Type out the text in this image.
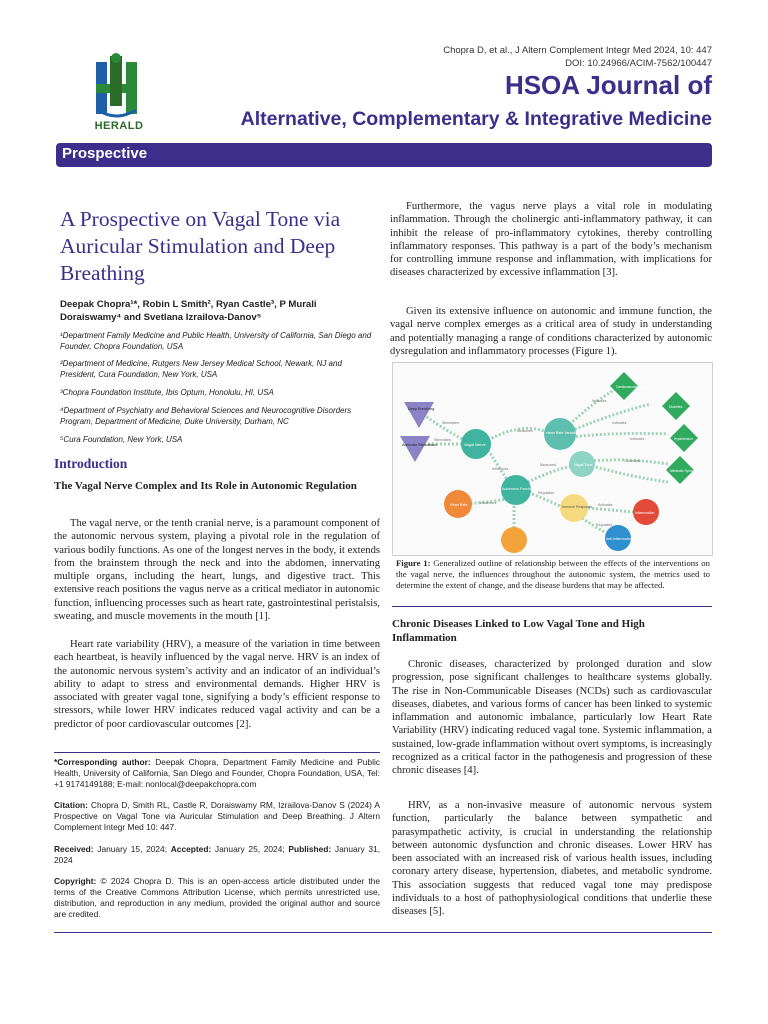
Chopra D, et al., J Altern Complement Integr Med 2024, 10: 447
DOI: 10.24966/ACIM-7562/100447
HERALD
HSOA Journal of
Alternative, Complementary & Integrative Medicine
Prospective
A Prospective on Vagal Tone via Auricular Stimulation and Deep Breathing
Deepak Chopra¹*, Robin L Smith², Ryan Castle³, P Murali Doraiswamy⁴ and Svetlana Izrailova-Danov⁵
¹Department Family Medicine and Public Health, University of California, San Diego and Founder, Chopra Foundation, USA
²Department of Medicine, Rutgers New Jersey Medical School, Newark, NJ and President, Cura Foundation, New York, USA
³Chopra Foundation Institute, Ibis Optum, Honolulu, HI, USA
⁴Department of Psychiatry and Behavioral Sciences and Neurocognitive Disorders Program, Department of Medicine, Duke University, Durham, NC
⁵Cura Foundation, New York, USA
Introduction
The Vagal Nerve Complex and Its Role in Autonomic Regulation
The vagal nerve, or the tenth cranial nerve, is a paramount component of the autonomic nervous system, playing a pivotal role in the regulation of various bodily functions. As one of the longest nerves in the body, it extends from the brainstem through the neck and into the abdomen, innervating multiple organs, including the heart, lungs, and digestive tract. This extensive reach positions the vagus nerve as a critical mediator in autonomic function, influencing processes such as heart rate, gastrointestinal peristalsis, sweating, and muscle movements in the mouth [1].
Heart rate variability (HRV), a measure of the variation in time between each heartbeat, is heavily influenced by the vagal nerve. HRV is an index of the autonomic nervous system’s activity and an indicator of an individual’s ability to adapt to stress and environmental demands. Higher HRV is associated with greater vagal tone, signifying a body’s efficient response to stressors, while lower HRV indicates reduced vagal activity and can be a predictor of poor cardiovascular outcomes [2].
*Corresponding author: Deepak Chopra, Department Family Medicine and Public Health, University of California, San Diego and Founder, Chopra Foundation, USA, Tel: +1 9174149188; E-mail: nonlocal@deepakchopra.com
Citation: Chopra D, Smith RL, Castle R, Doraiswamy RM, Izrailova-Danov S (2024) A Prospective on Vagal Tone via Auricular Stimulation and Deep Breathing. J Altern Complement Integr Med 10: 447.
Received: January 15, 2024; Accepted: January 25, 2024; Published: January 31, 2024
Copyright: © 2024 Chopra D. This is an open-access article distributed under the terms of the Creative Commons Attribution License, which permits unrestricted use, distribution, and reproduction in any medium, provided the original author and source are credited.
Furthermore, the vagus nerve plays a vital role in modulating inflammation. Through the cholinergic anti-inflammatory pathway, it can inhibit the release of pro-inflammatory cytokines, thereby controlling inflammatory responses. This pathway is a part of the body’s mechanism for controlling immune response and inflammation, with implications for diseases characterized by excessive inflammation [3].
Given its extensive influence on autonomic and immune function, the vagal nerve complex emerges as a critical area of study in understanding and potentially managing a range of conditions characterized by autonomic dysregulation and inflammatory processes (Figure 1).
Stimulates
Stimulates
Measures
Influences
Indicates
Indicates
Indicates
Correlates
Measured
Influences
Regulates
Activates
Regulates
Deep Breathing
Auricular Stimulation	Vagal Nerve
Heart Rate Variability
Vagal Tone
Autonomic Function
Heart Rate	Immune Response
Inflammation
Anti-Inflammation
Cardiovascular Disease
Diabetes
Hypertension
Metabolic Syndrome
Figure 1: Generalized outline of relationship between the effects of the interventions on the vagal nerve, the influences throughout the autonomic system, the metrics used to determine the extent of change, and the disease burdens that may be affected.
Chronic Diseases Linked to Low Vagal Tone and High Inflammation
Chronic diseases, characterized by prolonged duration and slow progression, pose significant challenges to healthcare systems globally. The rise in Non-Communicable Diseases (NCDs) such as cardiovascular diseases, diabetes, and various forms of cancer has been linked to systemic inflammation and autonomic imbalance, particularly low Heart Rate Variability (HRV) indicating reduced vagal tone. Systemic inflammation, a sustained, low-grade inflammation without overt symptoms, is increasingly recognized as a critical factor in the pathogenesis and progression of these chronic diseases [4].
HRV, as a non-invasive measure of autonomic nervous system function, particularly the balance between sympathetic and parasympathetic activity, is crucial in understanding the relationship between autonomic dysfunction and chronic diseases. Lower HRV has been associated with an increased risk of various health issues, including coronary artery disease, hypertension, diabetes, and metabolic syndrome. This association suggests that reduced vagal tone may predispose individuals to a host of pathophysiological conditions that underlie these diseases [5].
